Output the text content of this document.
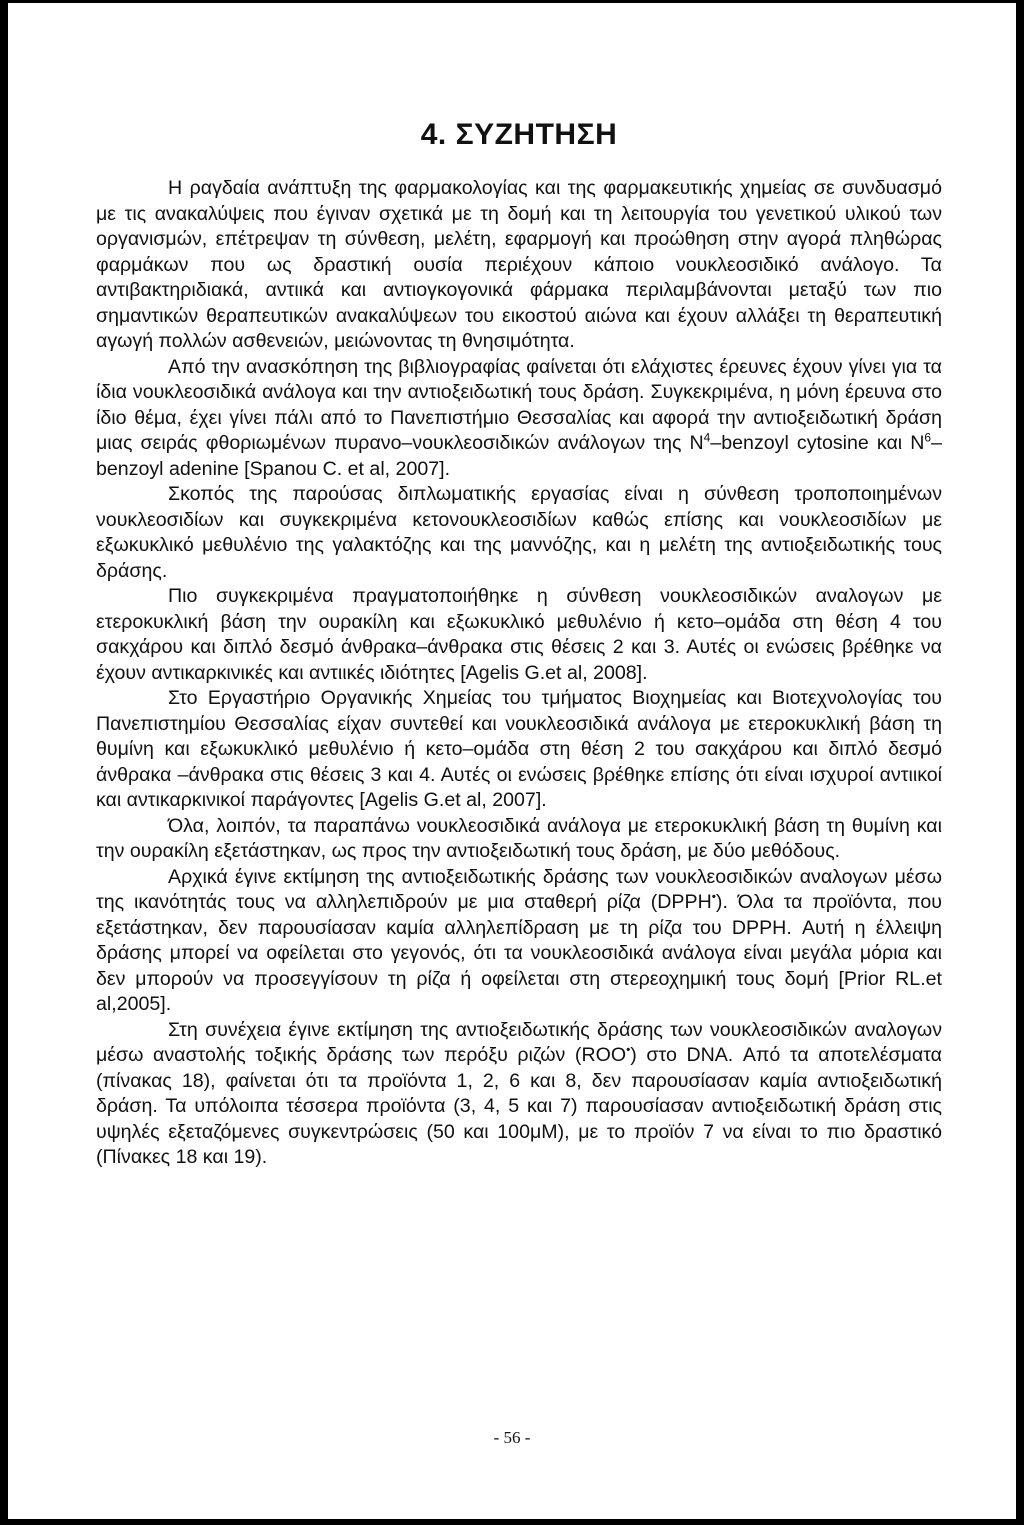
4. ΣΥΖΗΤΗΣΗ

Η ραγδαία ανάπτυξη της φαρμακολογίας και της φαρμακευτικής χημείας σε συνδυασμό με τις ανακαλύψεις που έγιναν σχετικά με τη δομή και τη λειτουργία του γενετικού υλικού των οργανισμών, επέτρεψαν τη σύνθεση, μελέτη, εφαρμογή και προώθηση στην αγορά πληθώρας φαρμάκων που ως δραστική ουσία περιέχουν κάποιο νουκλεοσιδικό ανάλογο. Τα αντιβακτηριδιακά, αντιικά και αντιογκογονικά φάρμακα περιλαμβάνονται μεταξύ των πιο σημαντικών θεραπευτικών ανακαλύψεων του εικοστού αιώνα και έχουν αλλάξει τη θεραπευτική αγωγή πολλών ασθενειών, μειώνοντας τη θνησιμότητα.

Από την ανασκόπηση της βιβλιογραφίας φαίνεται ότι ελάχιστες έρευνες έχουν γίνει για τα ίδια νουκλεοσιδικά ανάλογα και την αντιοξειδωτική τους δράση. Συγκεκριμένα, η μόνη έρευνα στο ίδιο θέμα, έχει γίνει πάλι από το Πανεπιστήμιο Θεσσαλίας και αφορά την αντιοξειδωτική δράση μιας σειράς φθοριωμένων πυρανο–νουκλεοσιδικών ανάλογων της $N^4$–benzoyl cytosine και $N^6$–benzoyl adenine [Spanou C. et al, 2007].

Σκοπός της παρούσας διπλωματικής εργασίας είναι η σύνθεση τροποποιημένων νουκλεοσιδίων και συγκεκριμένα κετονουκλεοσιδίων καθώς επίσης και νουκλεοσιδίων με εξωκυκλικό μεθυλένιο της γαλακτόζης και της μαννόζης, και η μελέτη της αντιοξειδωτικής τους δράσης.

Πιο συγκεκριμένα πραγματοποιήθηκε η σύνθεση νουκλεοσιδικών αναλογων με ετεροκυκλική βάση την ουρακίλη και εξωκυκλικό μεθυλένιο ή κετο–ομάδα στη θέση 4 του σακχάρου και διπλό δεσμό άνθρακα–άνθρακα στις θέσεις 2 και 3. Αυτές οι ενώσεις βρέθηκε να έχουν αντικαρκινικές και αντιικές ιδιότητες [Agelis G.et al, 2008].

Στο Εργαστήριο Οργανικής Χημείας του τμήματος Βιοχημείας και Βιοτεχνολογίας του Πανεπιστημίου Θεσσαλίας είχαν συντεθεί και νουκλεοσιδικά ανάλογα με ετεροκυκλική βάση τη θυμίνη και εξωκυκλικό μεθυλένιο ή κετο–ομάδα στη θέση 2 του σακχάρου και διπλό δεσμό άνθρακα –άνθρακα στις θέσεις 3 και 4. Αυτές οι ενώσεις βρέθηκε επίσης ότι είναι ισχυροί αντιικοί και αντικαρκινικοί παράγοντες [Agelis G.et al, 2007].

Όλα, λοιπόν, τα παραπάνω νουκλεοσιδικά ανάλογα με ετεροκυκλική βάση τη θυμίνη και την ουρακίλη εξετάστηκαν, ως προς την αντιοξειδωτική τους δράση, με δύο μεθόδους.

Αρχικά έγινε εκτίμηση της αντιοξειδωτικής δράσης των νουκλεοσιδικών αναλογων μέσω της ικανότητάς τους να αλληλεπιδρούν με μια σταθερή ρίζα (DPPH•). Όλα τα προϊόντα, που εξετάστηκαν, δεν παρουσίασαν καμία αλληλεπίδραση με τη ρίζα του DPPH. Αυτή η έλλειψη δράσης μπορεί να οφείλεται στο γεγονός, ότι τα νουκλεοσιδικά ανάλογα είναι μεγάλα μόρια και δεν μπορούν να προσεγγίσουν τη ρίζα ή οφείλεται στη στερεοχημική τους δομή [Prior RL.et al,2005].

Στη συνέχεια έγινε εκτίμηση της αντιοξειδωτικής δράσης των νουκλεοσιδικών αναλογων μέσω αναστολής τοξικής δράσης των περόξυ ριζών (ROO•) στο DNA. Από τα αποτελέσματα (πίνακας 18), φαίνεται ότι τα προϊόντα 1, 2, 6 και 8, δεν παρουσίασαν καμία αντιοξειδωτική δράση. Τα υπόλοιπα τέσσερα προϊόντα (3, 4, 5 και 7) παρουσίασαν αντιοξειδωτική δράση στις υψηλές εξεταζόμενες συγκεντρώσεις (50 και 100μΜ), με το προϊόν 7 να είναι το πιο δραστικό (Πίνακες 18 και 19).

- 56 -
